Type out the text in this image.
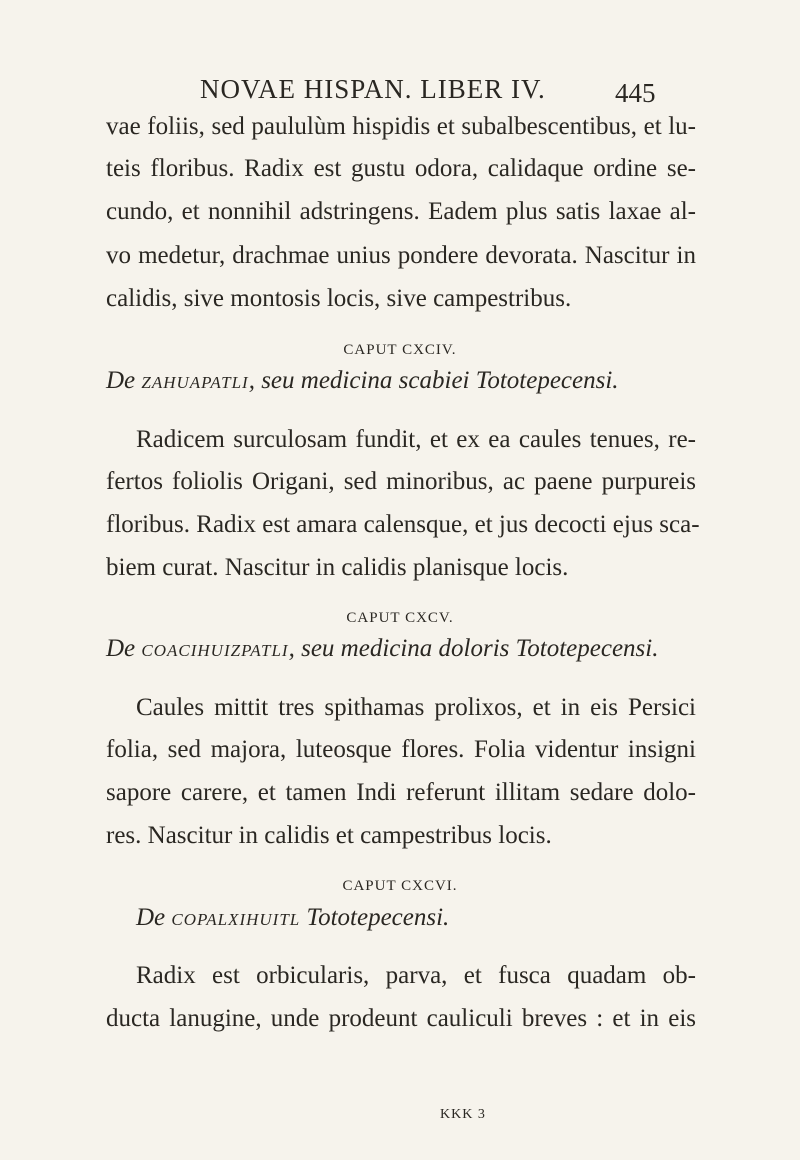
NOVAE HISPAN. LIBER IV.	445
vae foliis, sed paululùm hispidis et subalbescentibus, et lu-
teis floribus. Radix est gustu odora, calidaque ordine se-
cundo, et nonnihil adstringens. Eadem plus satis laxae al-
vo medetur, drachmae unius pondere devorata. Nascitur in
calidis, sive montosis locis, sive campestribus.
CAPUT CXCIV.
De ZAHUAPATLI, seu medicina scabiei Tototepecensi.
Radicem surculosam fundit, et ex ea caules tenues, re-
fertos foliolis Origani, sed minoribus, ac paene purpureis
floribus. Radix est amara calensque, et jus decocti ejus sca-
biem curat. Nascitur in calidis planisque locis.
CAPUT CXCV.
De COACIHUIZPATLI, seu medicina doloris Tototepecensi.
Caules mittit tres spithamas prolixos, et in eis Persici
folia, sed majora, luteosque flores. Folia videntur insigni
sapore carere, et tamen Indi referunt illitam sedare dolo-
res. Nascitur in calidis et campestribus locis.
CAPUT CXCVI.
De COPALXIHUITL Tototepecensi.
Radix est orbicularis, parva, et fusca quadam ob-
ducta lanugine, unde prodeunt cauliculi breves : et in eis
KKK 3
